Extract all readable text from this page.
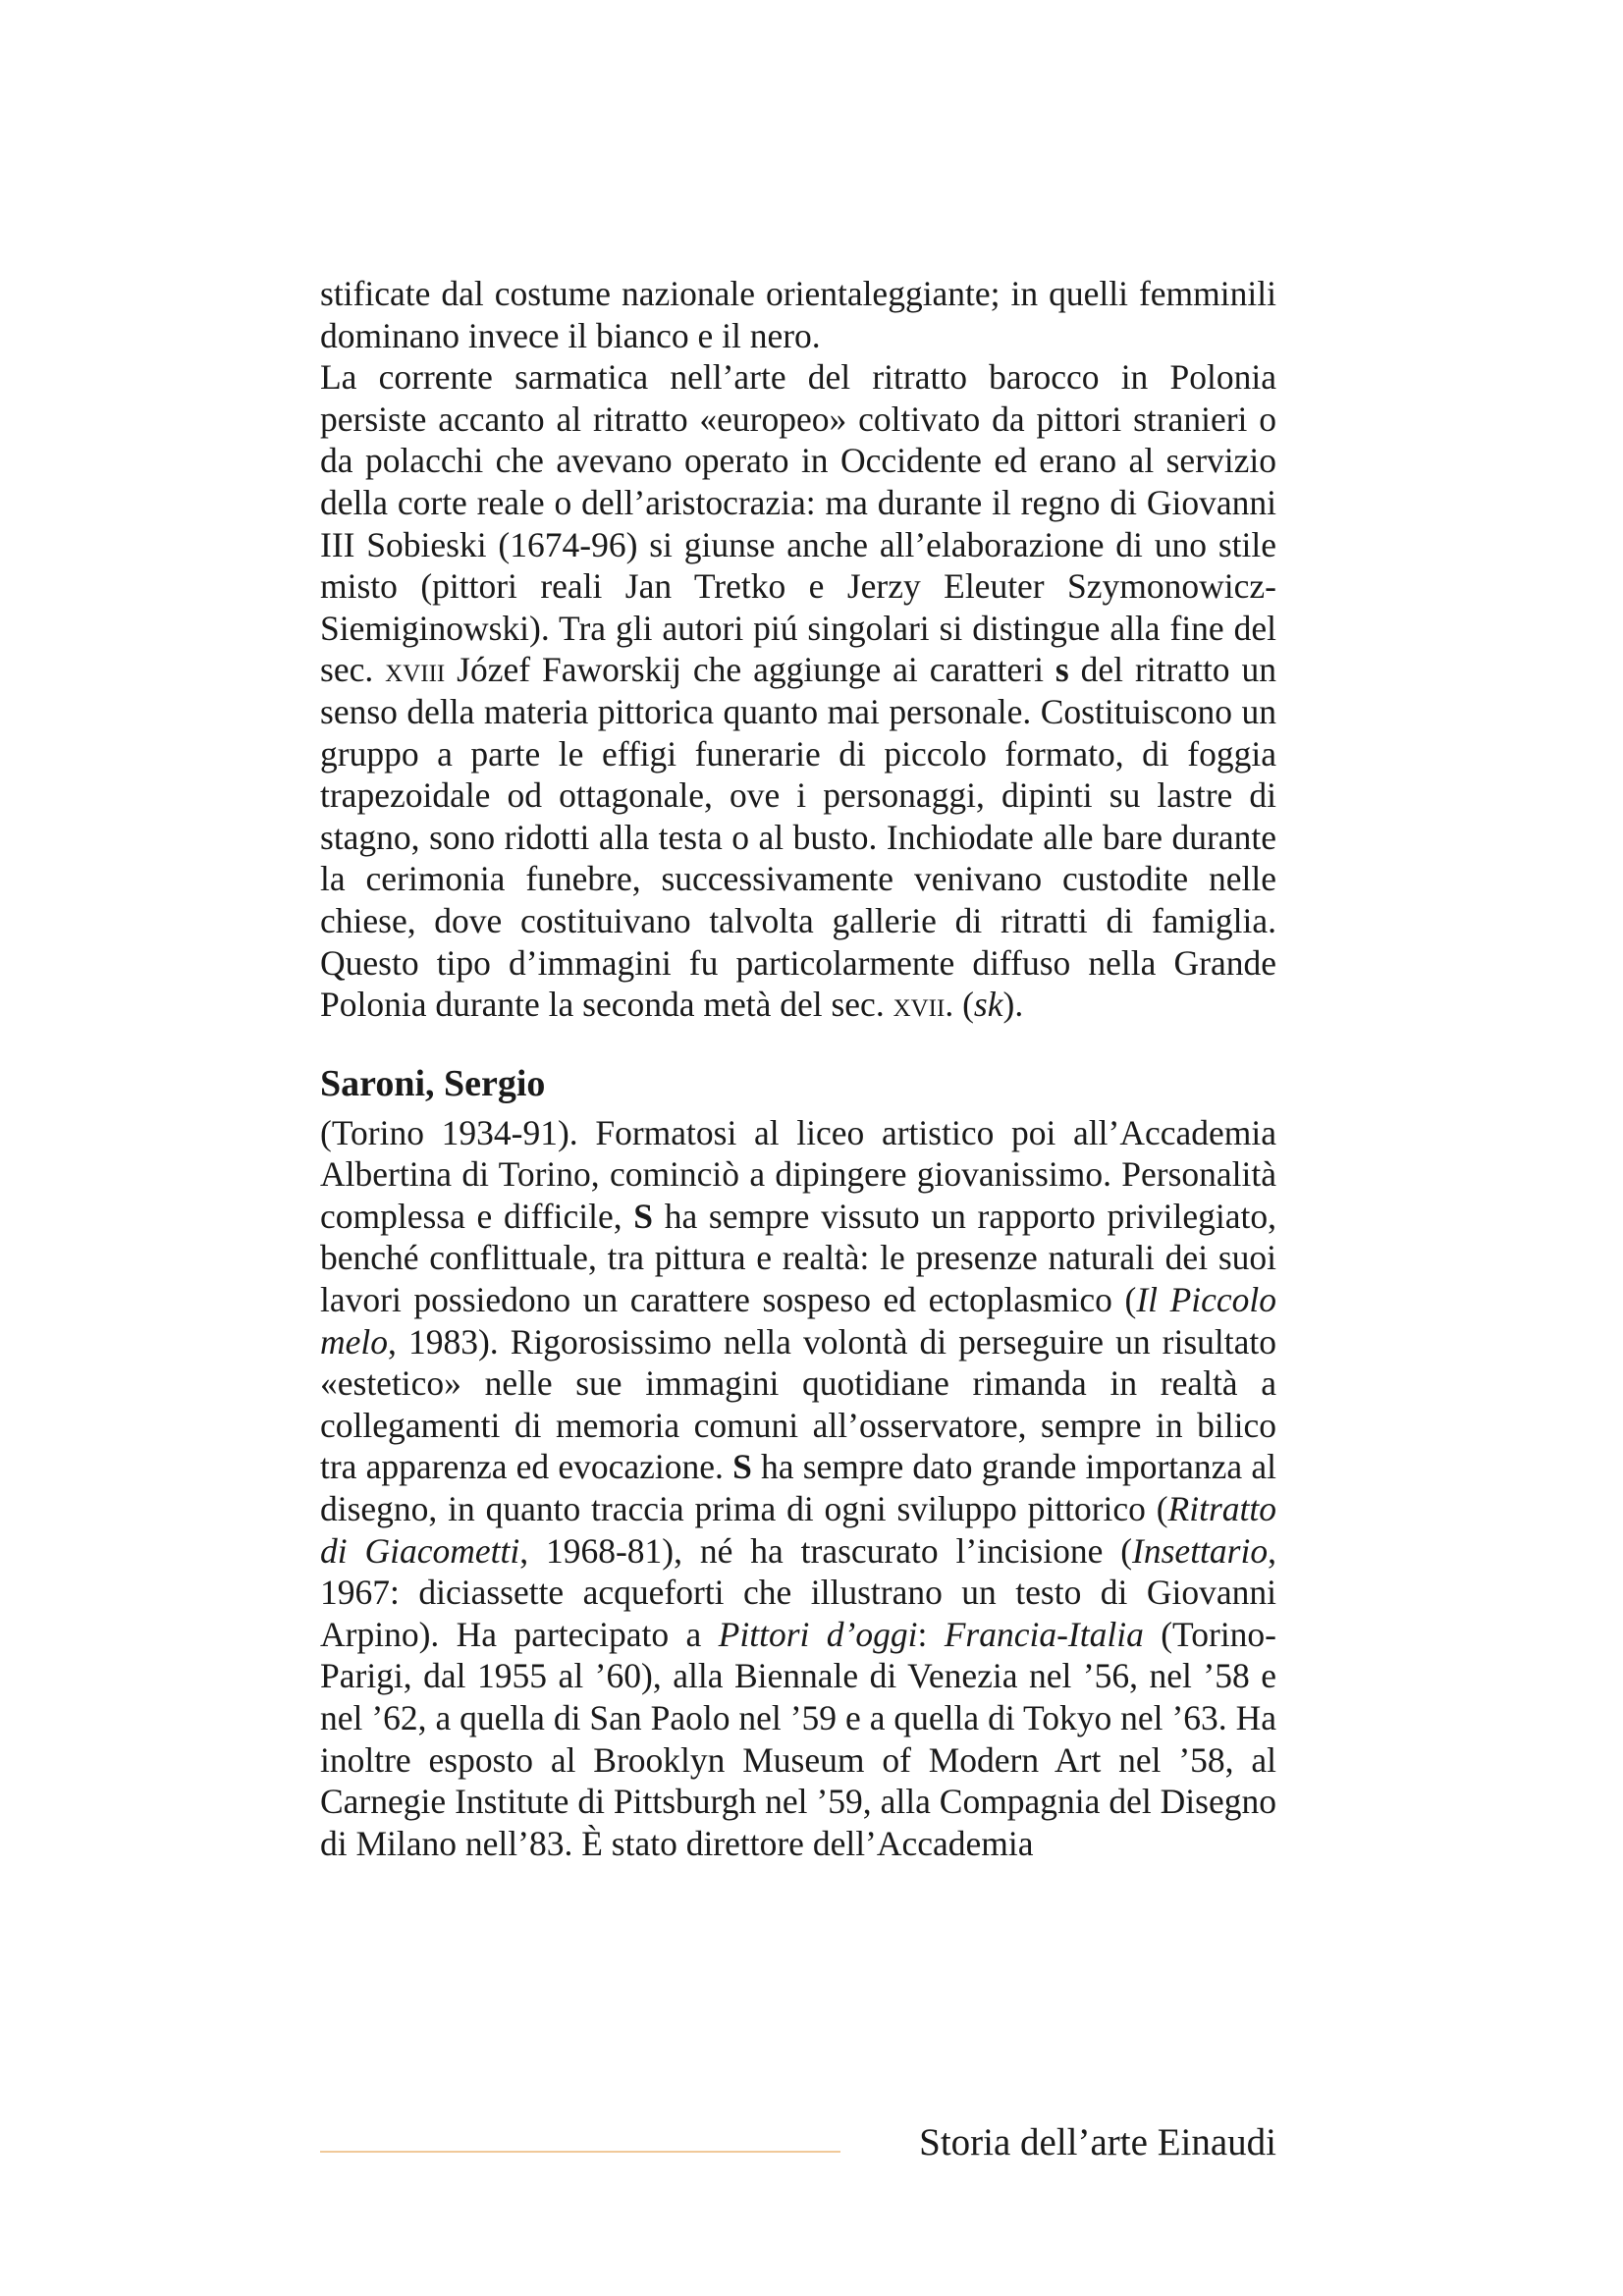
stificate dal costume nazionale orientaleggiante; in quelli femminili dominano invece il bianco e il nero.

La corrente sarmatica nell’arte del ritratto barocco in Polonia persiste accanto al ritratto «europeo» coltivato da pittori stranieri o da polacchi che avevano operato in Occidente ed erano al servizio della corte reale o dell’aristocrazia: ma durante il regno di Giovanni III Sobieski (1674-96) si giunse anche all’elaborazione di uno stile misto (pittori reali Jan Tretko e Jerzy Eleuter Szymonowicz-Siemiginowski). Tra gli autori piú singolari si distingue alla fine del sec. xviii Józef Faworskij che aggiunge ai caratteri s del ritratto un senso della materia pittorica quanto mai personale. Costituiscono un gruppo a parte le effigi funerarie di piccolo formato, di foggia trapezoidale od ottagonale, ove i personaggi, dipinti su lastre di stagno, sono ridotti alla testa o al busto. Inchiodate alle bare durante la cerimonia funebre, successivamente venivano custodite nelle chiese, dove costituivano talvolta gallerie di ritratti di famiglia. Questo tipo d’immagini fu particolarmente diffuso nella Grande Polonia durante la seconda metà del sec. xvii. (sk).

Saroni, Sergio

(Torino 1934-91). Formatosi al liceo artistico poi all’Accademia Albertina di Torino, cominciò a dipingere giovanissimo. Personalità complessa e difficile, S ha sempre vissuto un rapporto privilegiato, benché conflittuale, tra pittura e realtà: le presenze naturali dei suoi lavori possiedono un carattere sospeso ed ectoplasmico (Il Piccolo melo, 1983). Rigorosissimo nella volontà di perseguire un risultato «estetico» nelle sue immagini quotidiane rimanda in realtà a collegamenti di memoria comuni all’osservatore, sempre in bilico tra apparenza ed evocazione. S ha sempre dato grande importanza al disegno, in quanto traccia prima di ogni sviluppo pittorico (Ritratto di Giacometti, 1968-81), né ha trascurato l’incisione (Insettario, 1967: diciassette acqueforti che illustrano un testo di Giovanni Arpino). Ha partecipato a Pittori d’oggi: Francia-Italia (Torino-Parigi, dal 1955 al ’60), alla Biennale di Venezia nel ’56, nel ’58 e nel ’62, a quella di San Paolo nel ’59 e a quella di Tokyo nel ’63. Ha inoltre esposto al Brooklyn Museum of Modern Art nel ’58, al Carnegie Institute di Pittsburgh nel ’59, alla Compagnia del Disegno di Milano nell’83. È stato direttore dell’Accademia

Storia dell’arte Einaudi
